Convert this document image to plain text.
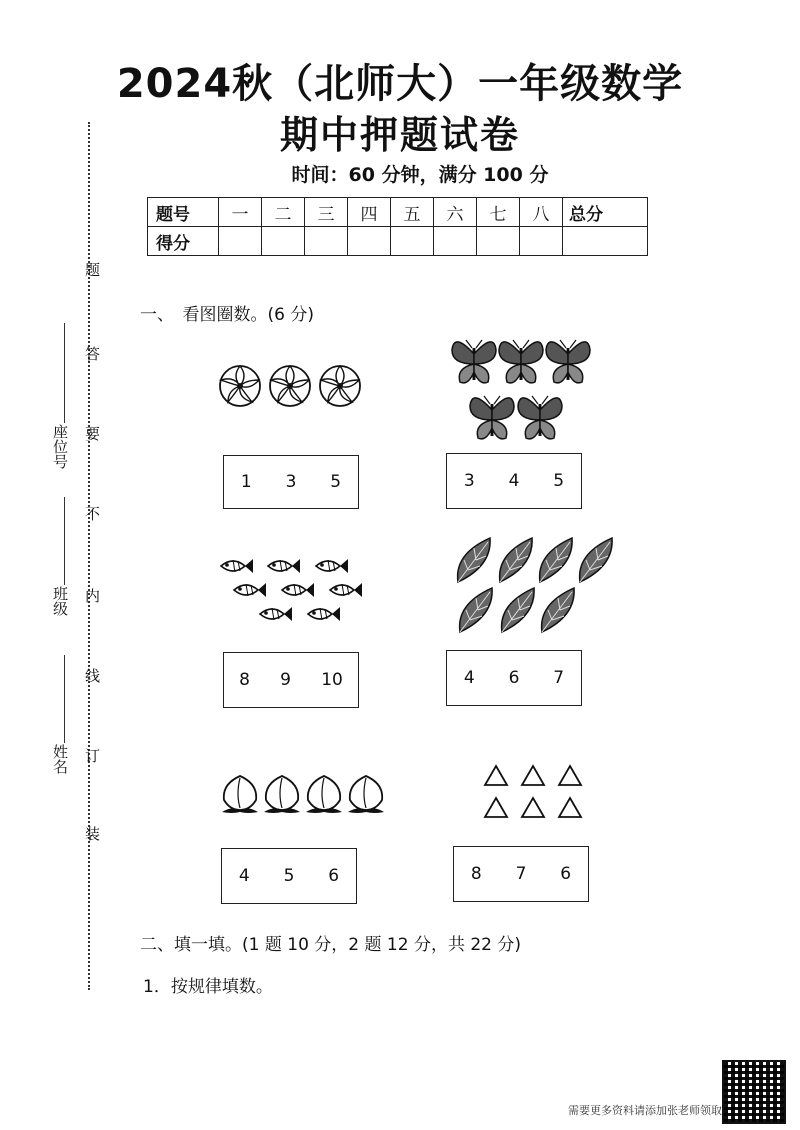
2024秋（北师大）一年级数学
期中押题试卷
时间：60 分钟，满分 100 分
题号	一	二	三	四	五	六	七	八	总分
得分									
题
答
要
不
内
线
订
装
座位号
班级
姓名
一、　看图圈数。(6 分)
1 3 5	3 4 5
8 9 10	4 6 7
4 5 6	8 7 6
二、填一填。(1 题 10 分，2 题 12 分，共 22 分)
1．按规律填数。
需要更多资料请添加张老师领取
